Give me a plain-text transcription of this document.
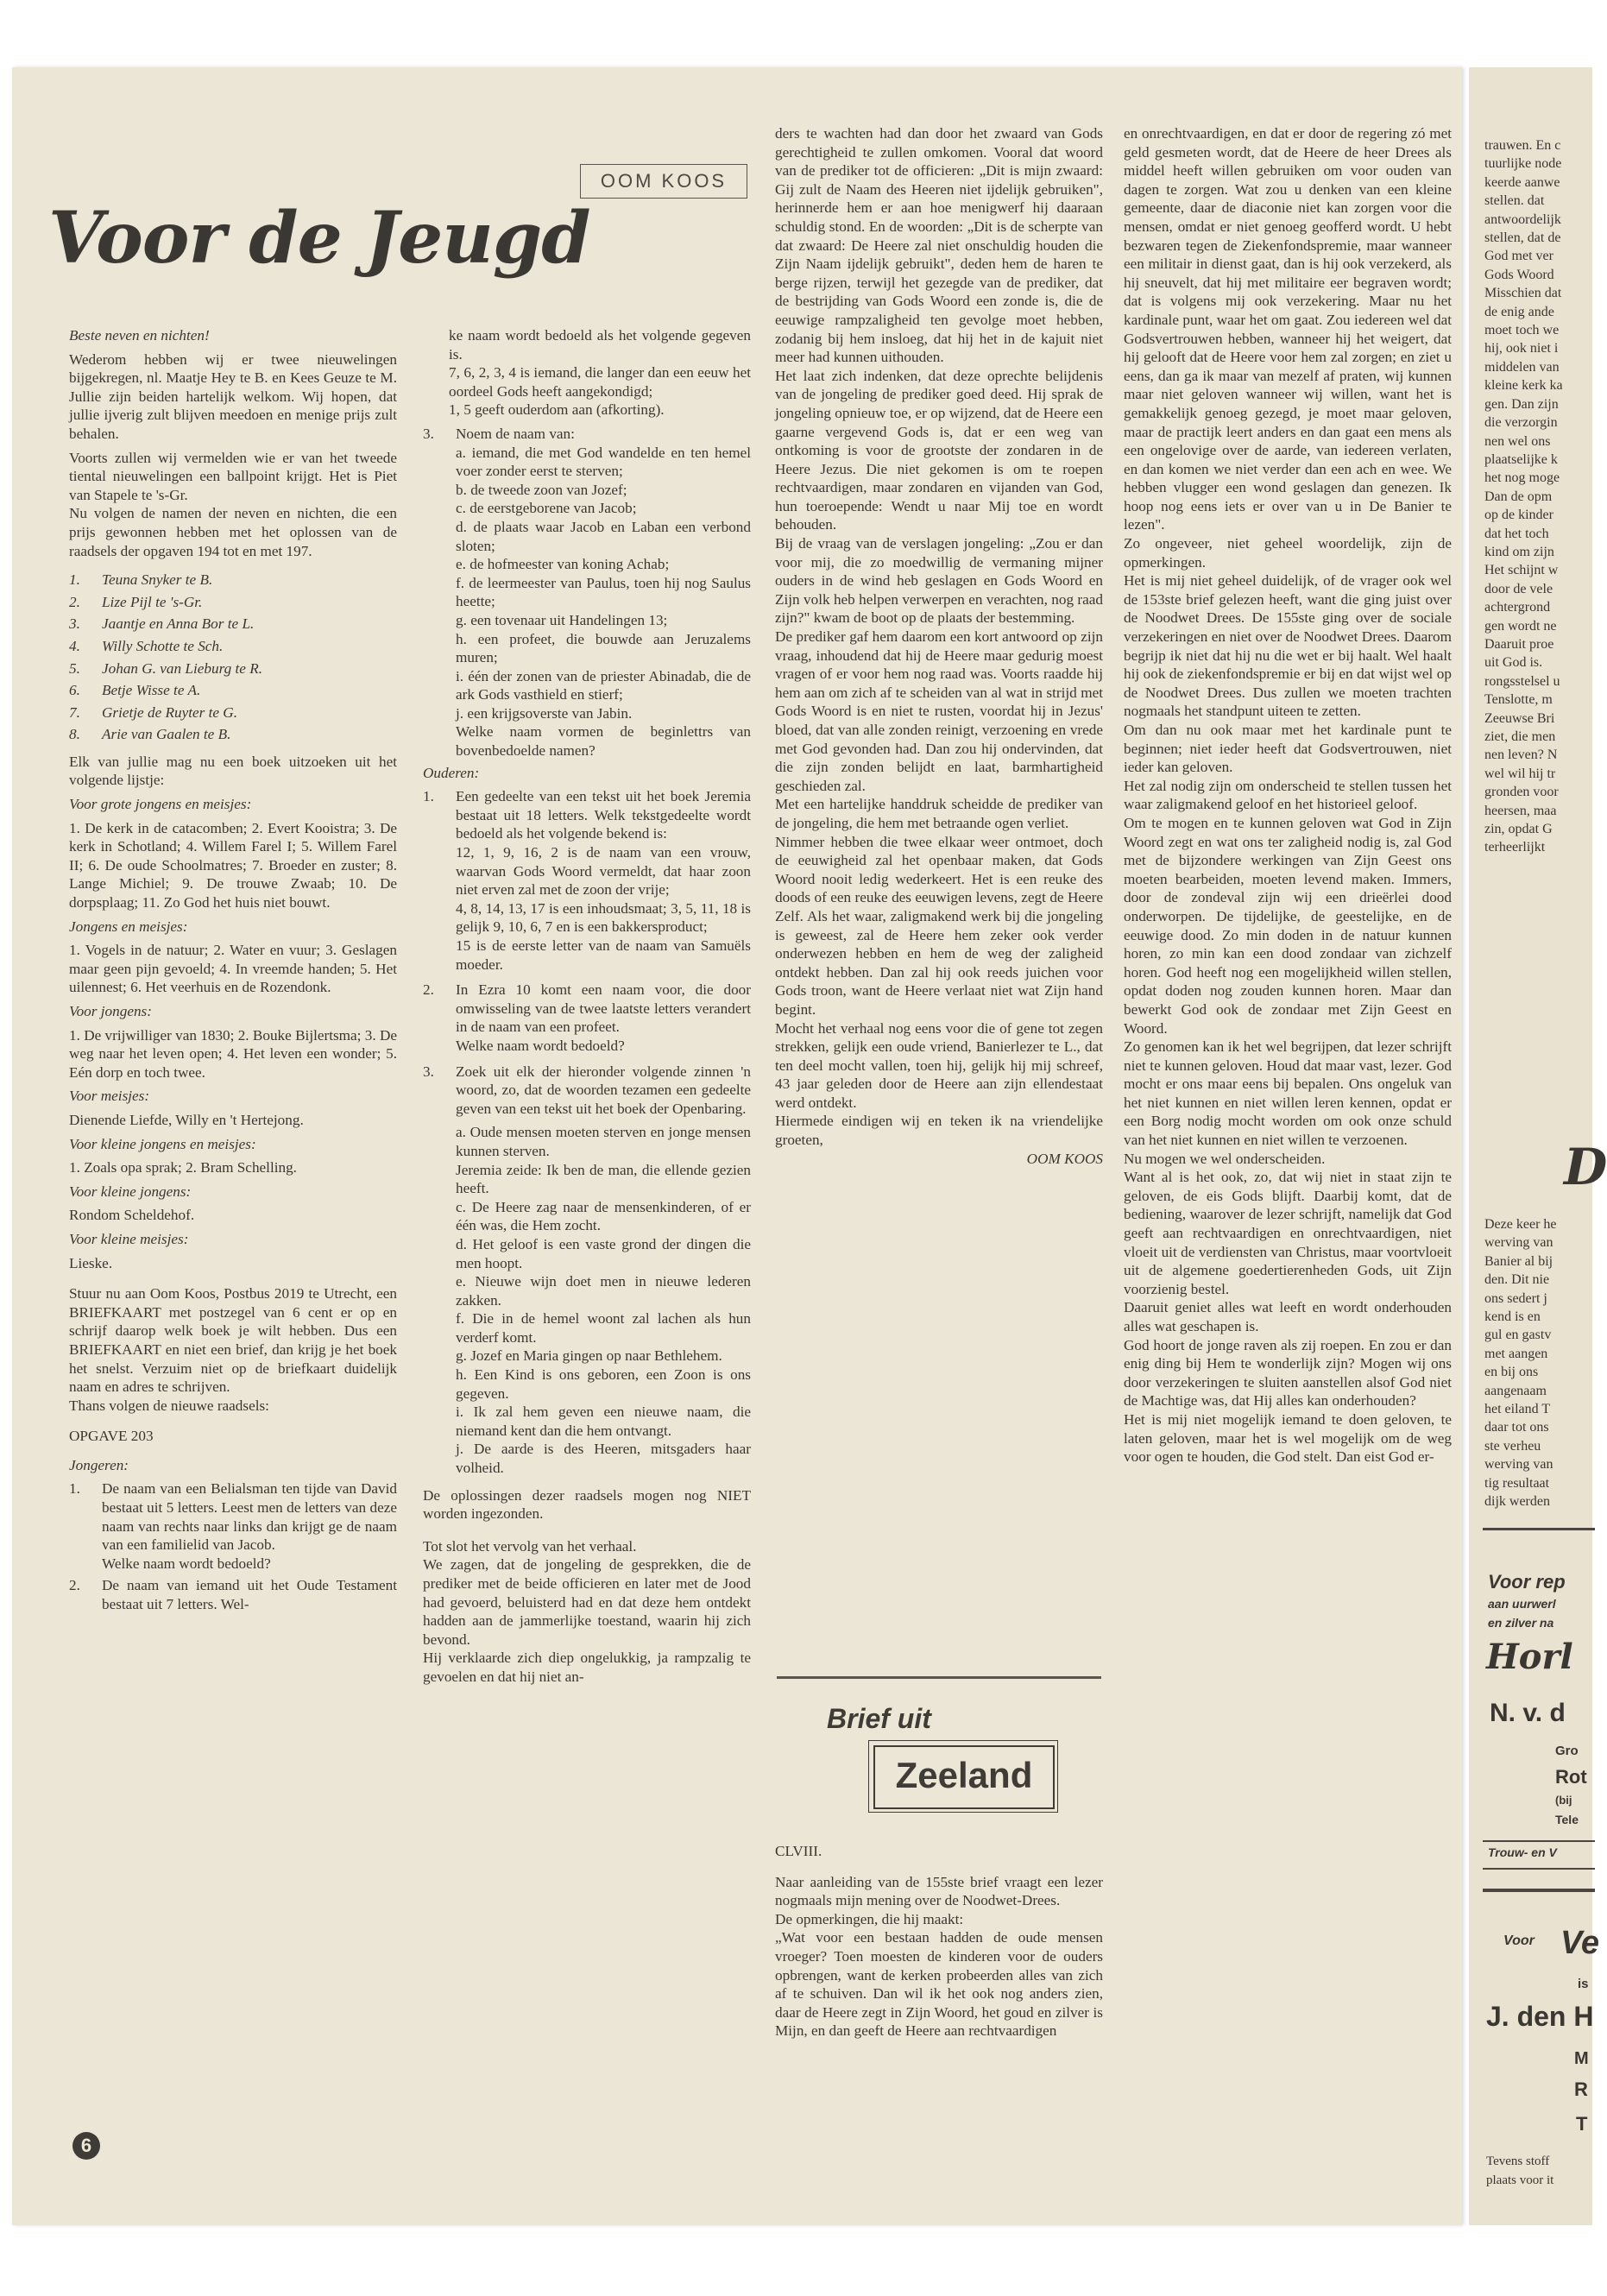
Voor de Jeugd
OOM KOOS

Beste neven en nichten!

Wederom hebben wij er twee nieuwelingen bijgekregen, nl. Maatje Hey te B. en Kees Geuze te M. Jullie zijn beiden hartelijk welkom. Wij hopen, dat jullie ijverig zult blijven meedoen en menige prijs zult behalen.

Voorts zullen wij vermelden wie er van het tweede tiental nieuwelingen een ballpoint krijgt. Het is Piet van Stapele te 's-Gr.

Nu volgen de namen der neven en nichten, die een prijs gewonnen hebben met het oplossen van de raadsels der opgaven 194 tot en met 197.

1. Teuna Snyker te B.
2. Lize Pijl te 's-Gr.
3. Jaantje en Anna Bor te L.
4. Willy Schotte te Sch.
5. Johan G. van Lieburg te R.
6. Betje Wisse te A.
7. Grietje de Ruyter te G.
8. Arie van Gaalen te B.

Elk van jullie mag nu een boek uitzoeken uit het volgende lijstje:

Voor grote jongens en meisjes:

1. De kerk in de catacomben; 2. Evert Kooistra; 3. De kerk in Schotland; 4. Willem Farel I; 5. Willem Farel II; 6. De oude Schoolmatres; 7. Broeder en zuster; 8. Lange Michiel; 9. De trouwe Zwaab; 10. De dorpsplaag; 11. Zo God het huis niet bouwt.

Jongens en meisjes:

1. Vogels in de natuur; 2. Water en vuur; 3. Geslagen maar geen pijn gevoeld; 4. In vreemde handen; 5. Het uilennest; 6. Het veerhuis en de Rozendonk.

Voor jongens:

1. De vrijwilliger van 1830; 2. Bouke Bijlertsma; 3. De weg naar het leven open; 4. Het leven een wonder; 5. Eén dorp en toch twee.

Voor meisjes:

Dienende Liefde, Willy en 't Hertejong.

Voor kleine jongens en meisjes:

1. Zoals opa sprak; 2. Bram Schelling.

Voor kleine jongens:

Rondom Scheldehof.

Voor kleine meisjes:

Lieske.

Stuur nu aan Oom Koos, Postbus 2019 te Utrecht, een BRIEFKAART met postzegel van 6 cent er op en schrijf daarop welk boek je wilt hebben. Dus een BRIEFKAART en niet een brief, dan krijg je het boek het snelst. Verzuim niet op de briefkaart duidelijk naam en adres te schrijven.

Thans volgen de nieuwe raadsels:

OPGAVE 203

Jongeren:

1. De naam van een Belialsman ten tijde van David bestaat uit 5 letters. Leest men de letters van deze naam van rechts naar links dan krijgt ge de naam van een familielid van Jacob.
Welke naam wordt bedoeld?
2. De naam van iemand uit het Oude Testament bestaat uit 7 letters. Wel-

ke naam wordt bedoeld als het volgende gegeven is.

7, 6, 2, 3, 4 is iemand, die langer dan een eeuw het oordeel Gods heeft aangekondigd;

1, 5 geeft ouderdom aan (afkorting).

3. Noem de naam van:
a. iemand, die met God wandelde en ten hemel voer zonder eerst te sterven;
b. de tweede zoon van Jozef;
c. de eerstgeborene van Jacob;
d. de plaats waar Jacob en Laban een verbond sloten;
e. de hofmeester van koning Achab;
f. de leermeester van Paulus, toen hij nog Saulus heette;
g. een tovenaar uit Handelingen 13;
h. een profeet, die bouwde aan Jeruzalems muren;
i. één der zonen van de priester Abinadab, die de ark Gods vasthield en stierf;
j. een krijgsoverste van Jabin.
Welke naam vormen de beginlettrs van bovenbedoelde namen?

Ouderen:

1. Een gedeelte van een tekst uit het boek Jeremia bestaat uit 18 letters. Welk tekstgedeelte wordt bedoeld als het volgende bekend is:
12, 1, 9, 16, 2 is de naam van een vrouw, waarvan Gods Woord vermeldt, dat haar zoon niet erven zal met de zoon der vrije;
4, 8, 14, 13, 17 is een inhoudsmaat; 3, 5, 11, 18 is gelijk 9, 10, 6, 7 en is een bakkersproduct;
15 is de eerste letter van de naam van Samuëls moeder.
2. In Ezra 10 komt een naam voor, die door omwisseling van de twee laatste letters verandert in de naam van een profeet.
Welke naam wordt bedoeld?
3. Zoek uit elk der hieronder volgende zinnen 'n woord, zo, dat de woorden tezamen een gedeelte geven van een tekst uit het boek der Openbaring.
a. Oude mensen moeten sterven en jonge mensen kunnen sterven.
Jeremia zeide: Ik ben de man, die ellende gezien heeft.
c. De Heere zag naar de mensenkinderen, of er één was, die Hem zocht.
d. Het geloof is een vaste grond der dingen die men hoopt.
e. Nieuwe wijn doet men in nieuwe lederen zakken.
f. Die in de hemel woont zal lachen als hun verderf komt.
g. Jozef en Maria gingen op naar Bethlehem.
h. Een Kind is ons geboren, een Zoon is ons gegeven.
i. Ik zal hem geven een nieuwe naam, die niemand kent dan die hem ontvangt.
j. De aarde is des Heeren, mitsgaders haar volheid.

De oplossingen dezer raadsels mogen nog NIET worden ingezonden.

Tot slot het vervolg van het verhaal.

We zagen, dat de jongeling de gesprekken, die de prediker met de beide officieren en later met de Jood had gevoerd, beluisterd had en dat deze hem ontdekt hadden aan de jammerlijke toestand, waarin hij zich bevond.

Hij verklaarde zich diep ongelukkig, ja rampzalig te gevoelen en dat hij niet an-

ders te wachten had dan door het zwaard van Gods gerechtigheid te zullen omkomen. Vooral dat woord van de prediker tot de officieren: „Dit is mijn zwaard: Gij zult de Naam des Heeren niet ijdelijk gebruiken", herinnerde hem er aan hoe menigwerf hij daaraan schuldig stond. En de woorden: „Dit is de scherpte van dat zwaard: De Heere zal niet onschuldig houden die Zijn Naam ijdelijk gebruikt", deden hem de haren te berge rijzen, terwijl het gezegde van de prediker, dat de bestrijding van Gods Woord een zonde is, die de eeuwige rampzaligheid ten gevolge moet hebben, zodanig bij hem insloeg, dat hij het in de kajuit niet meer had kunnen uithouden.

Het laat zich indenken, dat deze oprechte belijdenis van de jongeling de prediker goed deed. Hij sprak de jongeling opnieuw toe, er op wijzend, dat de Heere een gaarne vergevend Gods is, dat er een weg van ontkoming is voor de grootste der zondaren in de Heere Jezus. Die niet gekomen is om te roepen rechtvaardigen, maar zondaren en vijanden van God, hun toeroepende: Wendt u naar Mij toe en wordt behouden.

Bij de vraag van de verslagen jongeling: „Zou er dan voor mij, die zo moedwillig de vermaning mijner ouders in de wind heb geslagen en Gods Woord en Zijn volk heb helpen verwerpen en verachten, nog raad zijn?" kwam de boot op de plaats der bestemming.

De prediker gaf hem daarom een kort antwoord op zijn vraag, inhoudend dat hij de Heere maar gedurig moest vragen of er voor hem nog raad was. Voorts raadde hij hem aan om zich af te scheiden van al wat in strijd met Gods Woord is en niet te rusten, voordat hij in Jezus' bloed, dat van alle zonden reinigt, verzoening en vrede met God gevonden had. Dan zou hij ondervinden, dat die zijn zonden belijdt en laat, barmhartigheid geschieden zal.

Met een hartelijke handdruk scheidde de prediker van de jongeling, die hem met betraande ogen verliet.

Nimmer hebben die twee elkaar weer ontmoet, doch de eeuwigheid zal het openbaar maken, dat Gods Woord nooit ledig wederkeert. Het is een reuke des doods of een reuke des eeuwigen levens, zegt de Heere Zelf. Als het waar, zaligmakend werk bij die jongeling is geweest, zal de Heere hem zeker ook verder onderwezen hebben en hem de weg der zaligheid ontdekt hebben. Dan zal hij ook reeds juichen voor Gods troon, want de Heere verlaat niet wat Zijn hand begint.

Mocht het verhaal nog eens voor die of gene tot zegen strekken, gelijk een oude vriend, Banierlezer te L., dat ten deel mocht vallen, toen hij, gelijk hij mij schreef, 43 jaar geleden door de Heere aan zijn ellendestaat werd ontdekt.

Hiermede eindigen wij en teken ik na vriendelijke groeten,

OOM KOOS

Brief uit
Zeeland

CLVIII.

Naar aanleiding van de 155ste brief vraagt een lezer nogmaals mijn mening over de Noodwet-Drees.

De opmerkingen, die hij maakt:

„Wat voor een bestaan hadden de oude mensen vroeger? Toen moesten de kinderen voor de ouders opbrengen, want de kerken probeerden alles van zich af te schuiven. Dan wil ik het ook nog anders zien, daar de Heere zegt in Zijn Woord, het goud en zilver is Mijn, en dan geeft de Heere aan rechtvaardigen

en onrechtvaardigen, en dat er door de regering zó met geld gesmeten wordt, dat de Heere de heer Drees als middel heeft willen gebruiken om voor ouden van dagen te zorgen. Wat zou u denken van een kleine gemeente, daar de diaconie niet kan zorgen voor die mensen, omdat er niet genoeg geofferd wordt. U hebt bezwaren tegen de Ziekenfondspremie, maar wanneer een militair in dienst gaat, dan is hij ook verzekerd, als hij sneuvelt, dat hij met militaire eer begraven wordt; dat is volgens mij ook verzekering. Maar nu het kardinale punt, waar het om gaat. Zou iedereen wel dat Godsvertrouwen hebben, wanneer hij het weigert, dat hij gelooft dat de Heere voor hem zal zorgen; en ziet u eens, dan ga ik maar van mezelf af praten, wij kunnen maar niet geloven wanneer wij willen, want het is gemakkelijk genoeg gezegd, je moet maar geloven, maar de practijk leert anders en dan gaat een mens als een ongelovige over de aarde, van iedereen verlaten, en dan komen we niet verder dan een ach en wee. We hebben vlugger een wond geslagen dan genezen. Ik hoop nog eens iets er over van u in De Banier te lezen".

Zo ongeveer, niet geheel woordelijk, zijn de opmerkingen.

Het is mij niet geheel duidelijk, of de vrager ook wel de 153ste brief gelezen heeft, want die ging juist over de Noodwet Drees. De 155ste ging over de sociale verzekeringen en niet over de Noodwet Drees. Daarom begrijp ik niet dat hij nu die wet er bij haalt. Wel haalt hij ook de ziekenfondspremie er bij en dat wijst wel op de Noodwet Drees. Dus zullen we moeten trachten nogmaals het standpunt uiteen te zetten.

Om dan nu ook maar met het kardinale punt te beginnen; niet ieder heeft dat Godsvertrouwen, niet ieder kan geloven.

Het zal nodig zijn om onderscheid te stellen tussen het waar zaligmakend geloof en het historieel geloof.

Om te mogen en te kunnen geloven wat God in Zijn Woord zegt en wat ons ter zaligheid nodig is, zal God met de bijzondere werkingen van Zijn Geest ons moeten bearbeiden, moeten levend maken. Immers, door de zondeval zijn wij een drieërlei dood onderworpen. De tijdelijke, de geestelijke, en de eeuwige dood. Zo min doden in de natuur kunnen horen, zo min kan een dood zondaar van zichzelf horen. God heeft nog een mogelijkheid willen stellen, opdat doden nog zouden kunnen horen. Maar dan bewerkt God ook de zondaar met Zijn Geest en Woord.

Zo genomen kan ik het wel begrijpen, dat lezer schrijft niet te kunnen geloven. Houd dat maar vast, lezer. God mocht er ons maar eens bij bepalen. Ons ongeluk van het niet kunnen en niet willen leren kennen, opdat er een Borg nodig mocht worden om ook onze schuld van het niet kunnen en niet willen te verzoenen.

Nu mogen we wel onderscheiden.

Want al is het ook, zo, dat wij niet in staat zijn te geloven, de eis Gods blijft. Daarbij komt, dat de bediening, waarover de lezer schrijft, namelijk dat God geeft aan rechtvaardigen en onrechtvaardigen, niet vloeit uit de verdiensten van Christus, maar voortvloeit uit de algemene goedertierenheden Gods, uit Zijn voorzienig bestel.

Daaruit geniet alles wat leeft en wordt onderhouden alles wat geschapen is.

God hoort de jonge raven als zij roepen. En zou er dan enig ding bij Hem te wonderlijk zijn? Mogen wij ons door verzekeringen te sluiten aanstellen alsof God niet de Machtige was, dat Hij alles kan onderhouden?

Het is mij niet mogelijk iemand te doen geloven, te laten geloven, maar het is wel mogelijk om de weg voor ogen te houden, die God stelt. Dan eist God er-

6
trauwen. En c
tuurlijke node
keerde aanwe
stellen. dat
antwoordelijk
stellen, dat de
God met ver
Gods Woord
Misschien dat
de enig ande
moet toch we
hij, ook niet i
middelen van
kleine kerk ka
gen. Dan zijn
die verzorgin
nen wel ons
plaatselijke k
het nog moge
Dan de opm
op de kinder
dat het toch
kind om zijn
Het schijnt w
door de vele
achtergrond
gen wordt ne
Daaruit proe
uit God is.
rongsstelsel u
Tenslotte, m
Zeeuwse Bri
ziet, die men
nen leven? N
wel wil hij tr
gronden voor
heersen, maa
zin, opdat G
terheerlijkt
D
Deze keer he
werving van
Banier al bij
den. Dit nie
ons sedert j
kend is en
gul en gastv
met aangen
en bij ons
aangenaam
het eiland T
daar tot ons
ste verheu
werving van
tig resultaat
dijk werden
Voor rep
aan uurwerl
en zilver na
Horl
N. v. d
Gro
Rot
(bij
Tele
Trouw- en V
Voor Ve
is
J. den H
M
R
T
Tevens stoff
plaats voor it
